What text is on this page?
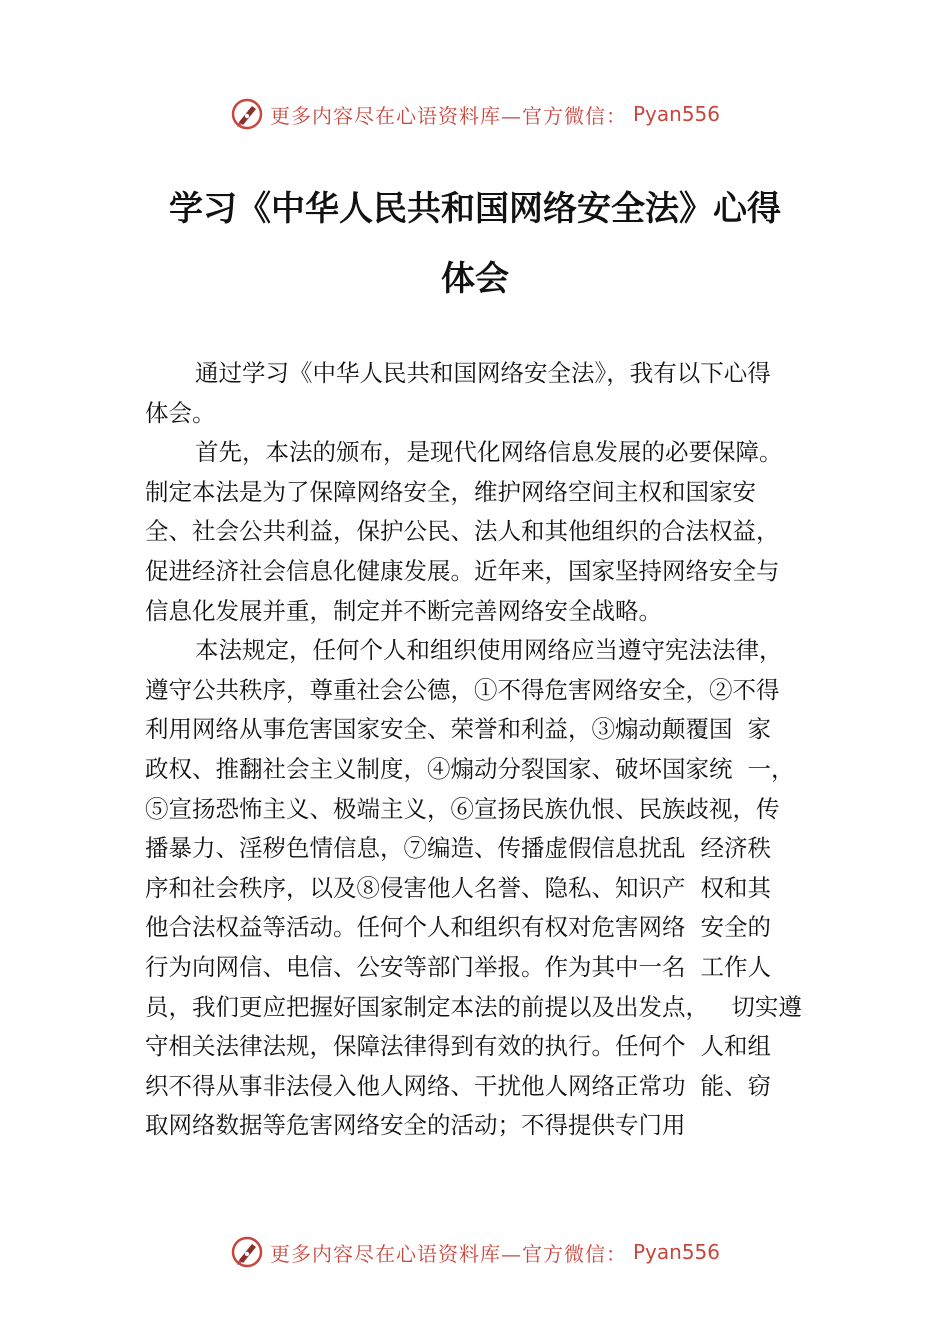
更多内容尽在心语资料库—官方微信： Pyan556
学习《中华人民共和国网络安全法》心得
体会

通过学习《中华人民共和国网络安全法》，我有以下心得

体会。

首先，本法的颁布，是现代化网络信息发展的必要保障。

制定本法是为了保障网络安全，维护网络空间主权和国家安

全、社会公共利益，保护公民、法人和其他组织的合法权益，

促进经济社会信息化健康发展。近年来，国家坚持网络安全与

信息化发展并重，制定并不断完善网络安全战略。

本法规定，任何个人和组织使用网络应当遵守宪法法律，

遵守公共秩序，尊重社会公德，①不得危害网络安全，②不得

利用网络从事危害国家安全、荣誉和利益，③煽动颠覆国  家

政权、推翻社会主义制度，④煽动分裂国家、破坏国家统  一，

⑤宣扬恐怖主义、极端主义，⑥宣扬民族仇恨、民族歧视，传

播暴力、淫秽色情信息，⑦编造、传播虚假信息扰乱  经济秩

序和社会秩序，以及⑧侵害他人名誉、隐私、知识产  权和其

他合法权益等活动。任何个人和组织有权对危害网络  安全的

行为向网信、电信、公安等部门举报。作为其中一名  工作人

员，我们更应把握好国家制定本法的前提以及出发点，   切实遵

守相关法律法规，保障法律得到有效的执行。任何个  人和组

织不得从事非法侵入他人网络、干扰他人网络正常功  能、窃

取网络数据等危害网络安全的活动；不得提供专门用

更多内容尽在心语资料库—官方微信： Pyan556
